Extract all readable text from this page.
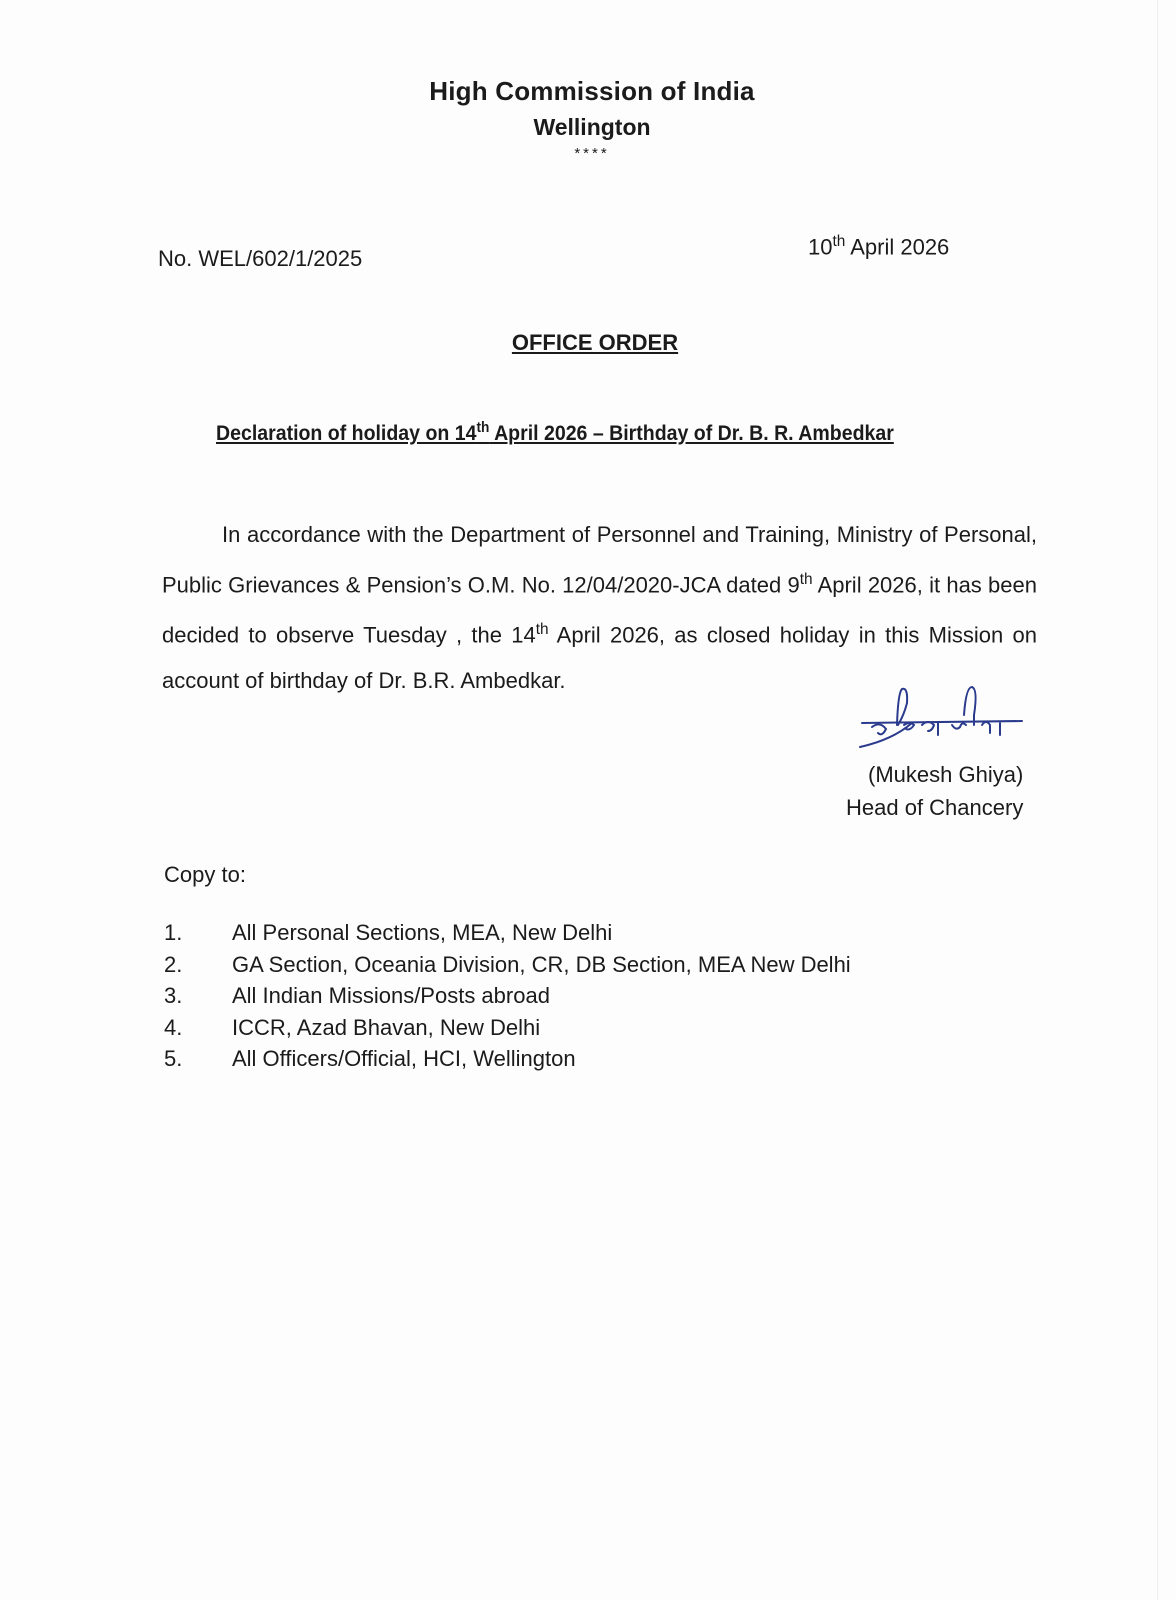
High Commission of India
Wellington
****
No. WEL/602/1/2025	10th April 2026
OFFICE ORDER
Declaration of holiday on 14th April 2026 – Birthday of Dr. B. R. Ambedkar
In accordance with the Department of Personnel and Training, Ministry of Personal, Public Grievances & Pension’s O.M. No. 12/04/2020-JCA dated 9th April 2026, it has been decided to observe Tuesday , the 14th April 2026, as closed holiday in this Mission on account of birthday of Dr. B.R. Ambedkar.
(Mukesh Ghiya)
Head of Chancery
Copy to:
1.	All Personal Sections, MEA, New Delhi
2.	GA Section, Oceania Division, CR, DB Section, MEA New Delhi
3.	All Indian Missions/Posts abroad
4.	ICCR, Azad Bhavan, New Delhi
5.	All Officers/Official, HCI, Wellington
